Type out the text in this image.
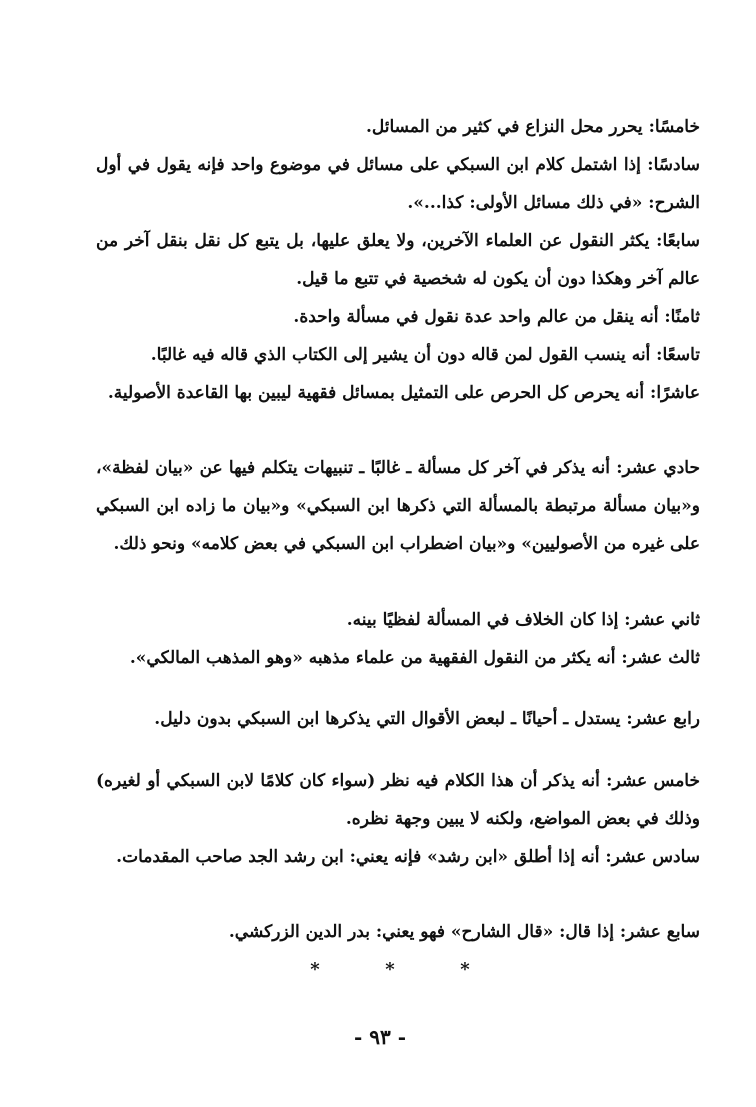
خامسًا: يحرر محل النزاع في كثير من المسائل.

سادسًا: إذا اشتمل كلام ابن السبكي على مسائل في موضوع واحد فإنه يقول في أول الشرح: «في ذلك مسائل الأولى: كذا...».

سابعًا: يكثر النقول عن العلماء الآخرين، ولا يعلق عليها، بل يتبع كل نقل بنقل آخر من عالم آخر وهكذا دون أن يكون له شخصية في تتبع ما قيل.

ثامنًا: أنه ينقل من عالم واحد عدة نقول في مسألة واحدة.

تاسعًا: أنه ينسب القول لمن قاله دون أن يشير إلى الكتاب الذي قاله فيه غالبًا.

عاشرًا: أنه يحرص كل الحرص على التمثيل بمسائل فقهية ليبين بها القاعدة الأصولية.

حادي عشر: أنه يذكر في آخر كل مسألة ـ غالبًا ـ تنبيهات يتكلم فيها عن «بيان لفظة»، و«بيان مسألة مرتبطة بالمسألة التي ذكرها ابن السبكي» و«بيان ما زاده ابن السبكي على غيره من الأصوليين» و«بيان اضطراب ابن السبكي في بعض كلامه» ونحو ذلك.

ثاني عشر: إذا كان الخلاف في المسألة لفظيًا بينه.

ثالث عشر: أنه يكثر من النقول الفقهية من علماء مذهبه «وهو المذهب المالكي».

رابع عشر: يستدل ـ أحيانًا ـ لبعض الأقوال التي يذكرها ابن السبكي بدون دليل.

خامس عشر: أنه يذكر أن هذا الكلام فيه نظر (سواء كان كلامًا لابن السبكي أو لغيره) وذلك في بعض المواضع، ولكنه لا يبين وجهة نظره.

سادس عشر: أنه إذا أطلق «ابن رشد» فإنه يعني: ابن رشد الجد صاحب المقدمات.

سابع عشر: إذا قال: «قال الشارح» فهو يعني: بدر الدين الزركشي.

*	*	*
- ٩٣ -
